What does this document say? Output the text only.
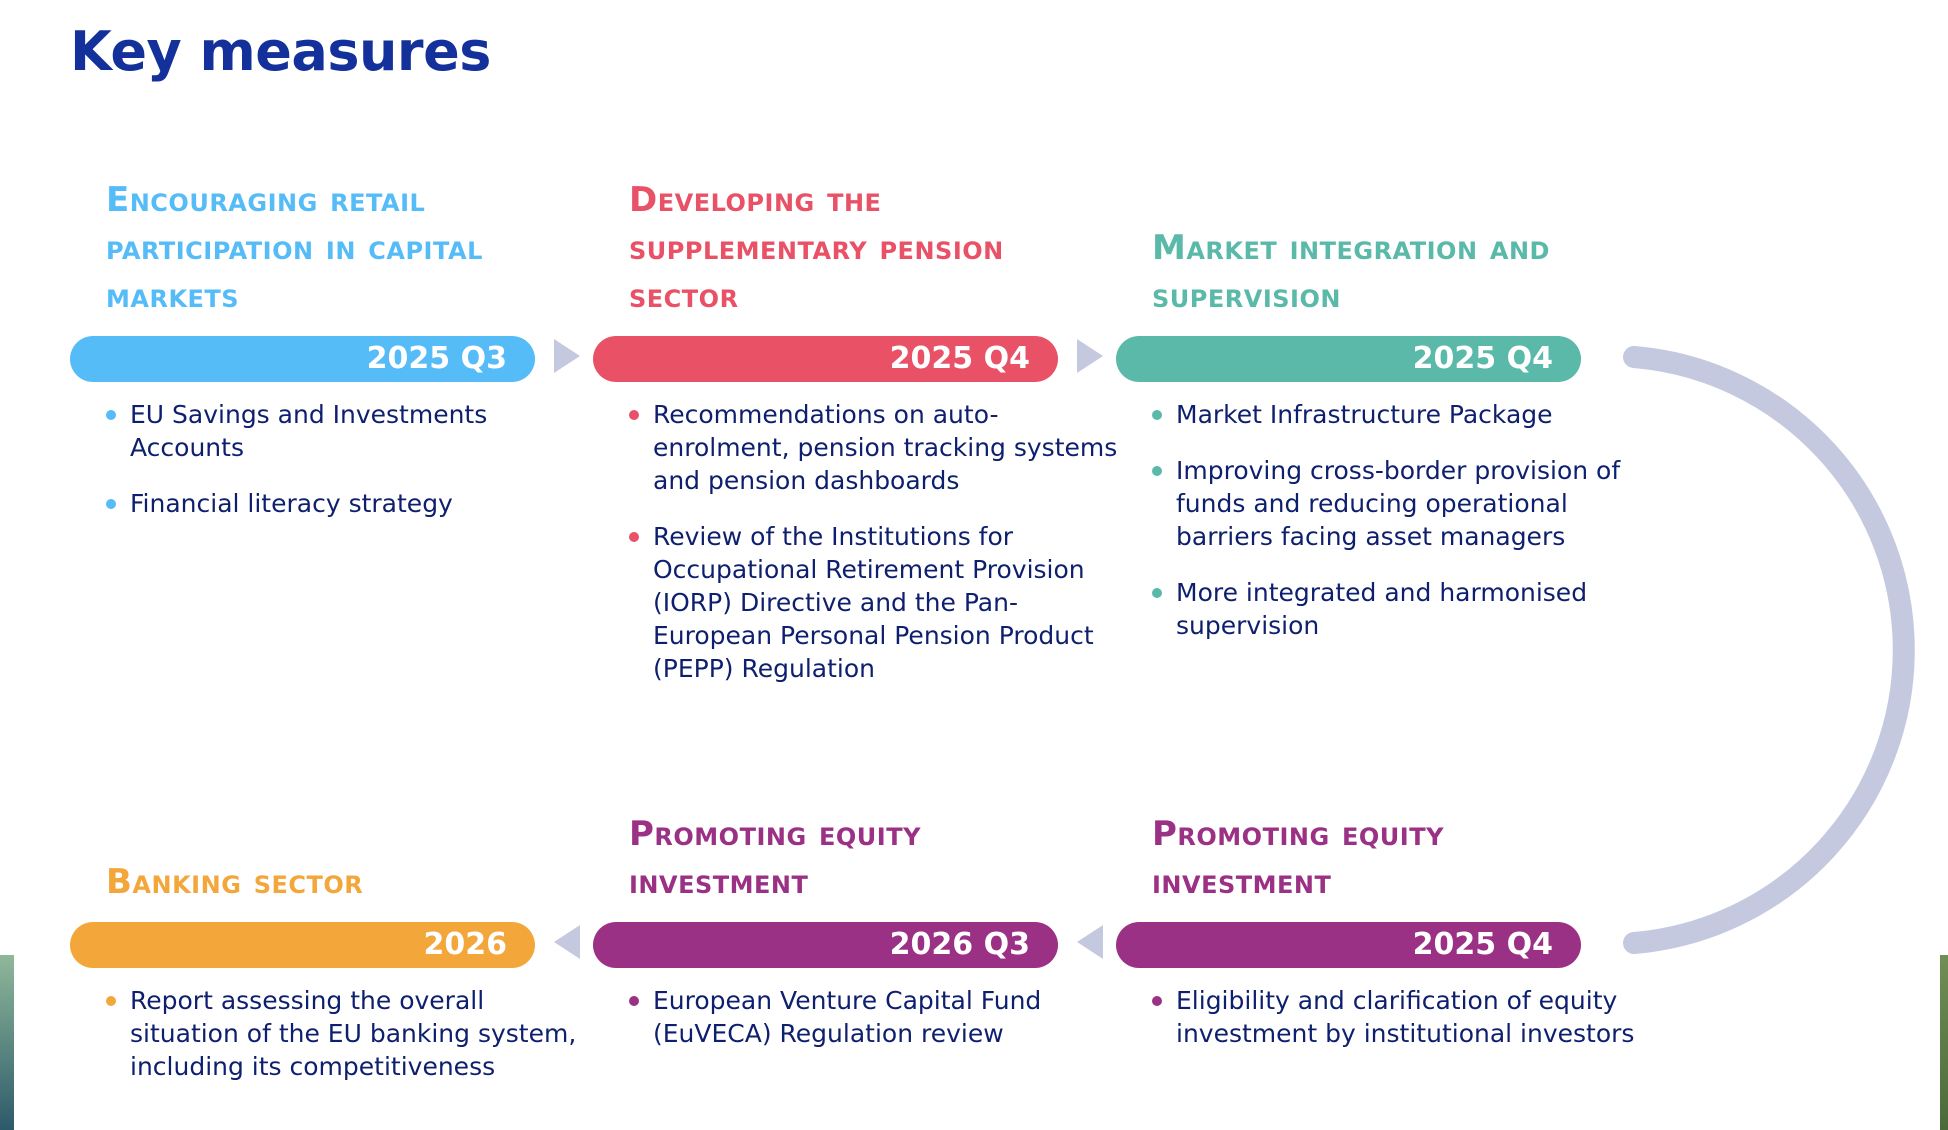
Key measures
Encouraging retail participation in capital markets
2025 Q3
EU Savings and Investments Accounts
Financial literacy strategy
Developing the supplementary pension sector
2025 Q4
Recommendations on auto-enrolment, pension tracking systems and pension dashboards
Review of the Institutions for Occupational Retirement Provision (IORP) Directive and the Pan-European Personal Pension Product (PEPP) Regulation
Market integration and supervision
2025 Q4
Market Infrastructure Package
Improving cross-border provision of funds and reducing operational barriers facing asset managers
More integrated and harmonised supervision
Banking sector
2026
Report assessing the overall situation of the EU banking system, including its competitiveness
Promoting equity investment
2026 Q3
European Venture Capital Fund (EuVECA) Regulation review
Promoting equity investment
2025 Q4
Eligibility and clarification of equity investment by institutional investors
